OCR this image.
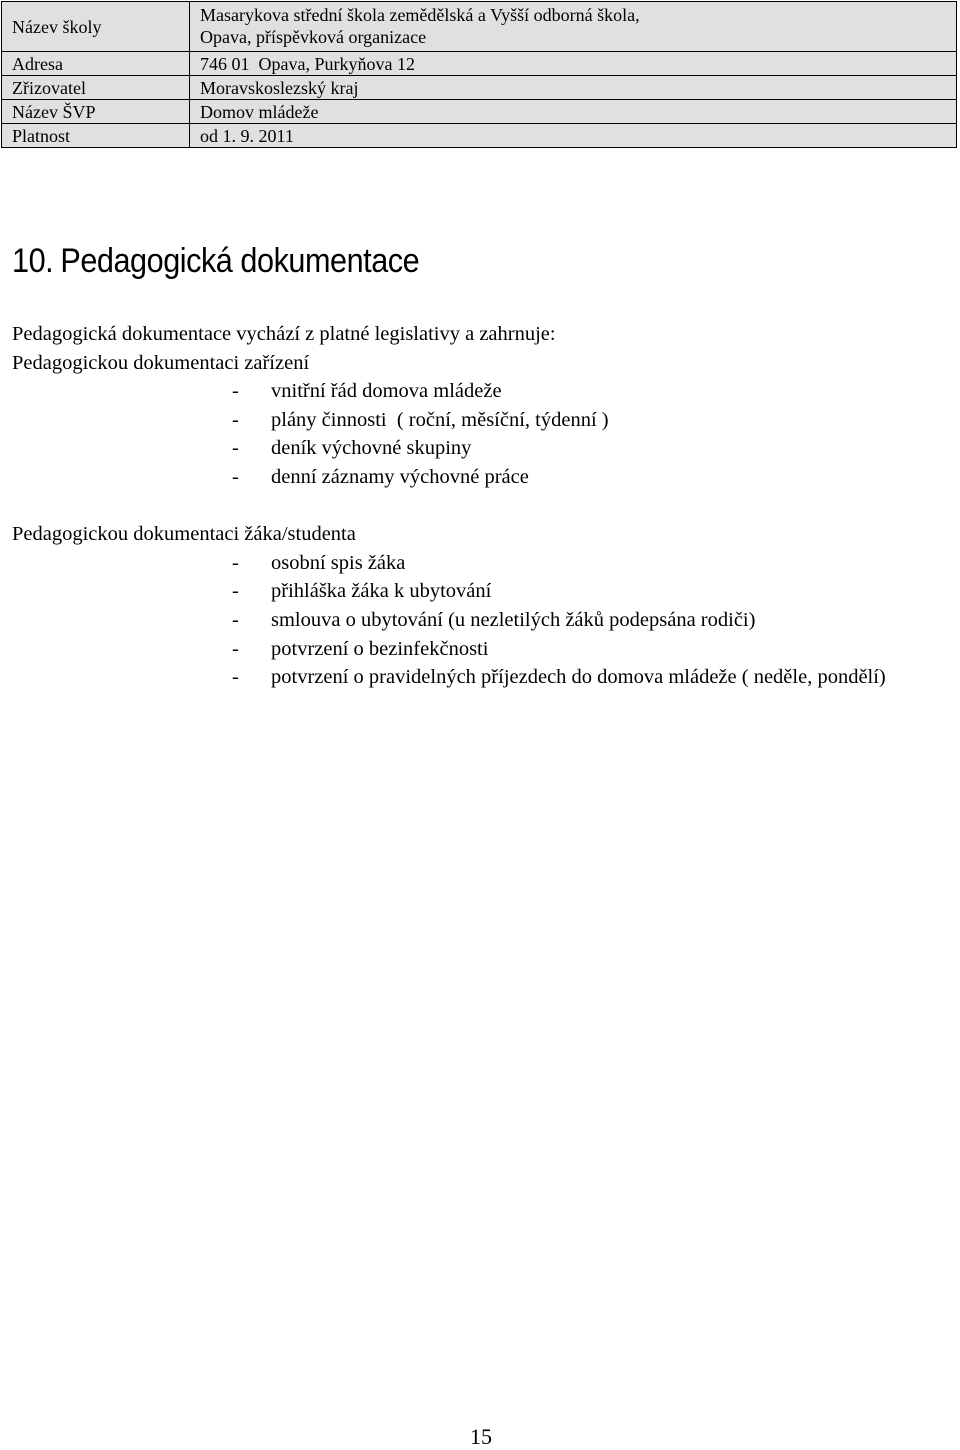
Název školy	Masarykova střední škola zemědělská a Vyšší odborná škola,
Opava, příspěvková organizace

Adresa	746 01  Opava, Purkyňova 12
Zřizovatel	Moravskoslezský kraj
Název ŠVP	Domov mládeže
Platnost	od 1. 9. 2011
10. Pedagogická dokumentace

Pedagogická dokumentace vychází z platné legislativy a zahrnuje:

Pedagogickou dokumentaci zařízení

- vnitřní řád domova mládeže
- plány činnosti  ( roční, měsíční, týdenní )
- deník výchovné skupiny
- denní záznamy výchovné práce

Pedagogickou dokumentaci žáka/studenta

- osobní spis žáka
- přihláška žáka k ubytování
- smlouva o ubytování (u nezletilých žáků podepsána rodiči)
- potvrzení o bezinfekčnosti
- potvrzení o pravidelných příjezdech do domova mládeže ( neděle, pondělí)
15
